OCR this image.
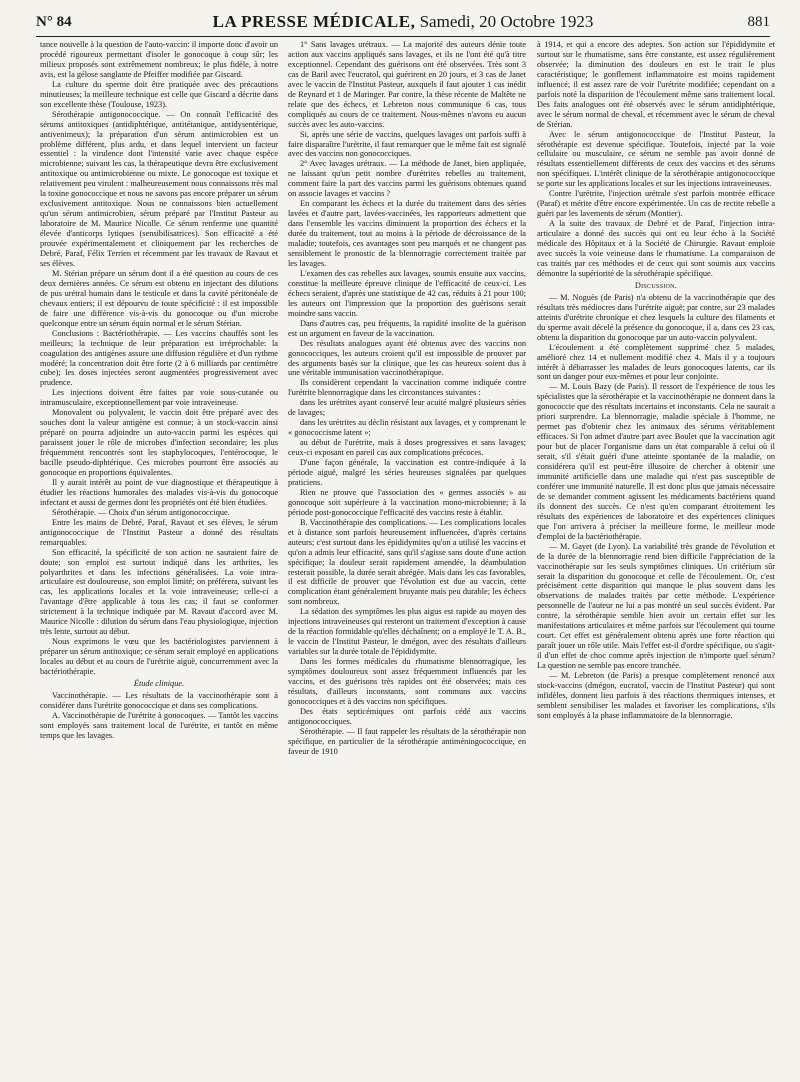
N° 84	LA PRESSE MÉDICALE, Samedi, 20 Octobre 1923	881

tance nouvelle à la question de l'auto-vaccin: il importe donc d'avoir un procédé rigoureux permettant d'isoler le gonocoque à coup sûr; les milieux proposés sont extrêmement nombreux; le plus fidèle, à notre avis, est la gélose sanglante de Pfeiffer modifiée par Giscard.

La culture du sperme doit être pratiquée avec des précautions minutieuses; la meilleure technique est celle que Giscard a décrite dans son excellente thèse (Toulouse, 1923).

Sérothérapie antigonococcique. — On connaît l'efficacité des sérums antitoxiques (antidiphtérique, antitétanique, antidysentérique, antivenimeux); la préparation d'un sérum antimicrobien est un problème différent, plus ardu, et dans lequel intervient un facteur essentiel : la virulence dont l'intensité varie avec chaque espèce microbienne; suivant les cas, la thérapeutique devra être exclusivement antitoxique ou antimicrobienne ou mixte. Le gonocoque est toxique et relativement peu virulent : malheureusement nous connaissons très mal la toxine gonococcique et nous ne savons pas encore préparer un sérum exclusivement antitoxique. Nous ne connaissons bien actuellement qu'un sérum antimicrobien, sérum préparé par l'Institut Pasteur au laboratoire de M. Maurice Nicolle. Ce sérum renferme une quantité élevée d'anticorps lytiques (sensibilisatrices). Son efficacité a été prouvée expérimentalement et cliniquement par les recherches de Debré, Paraf, Félix Terrien et récemment par les travaux de Ravaut et ses élèves.

M. Stérian prépare un sérum dont il a été question au cours de ces deux dernières années. Ce sérum est obtenu en injectant des dilutions de pus urétral humain dans le testicule et dans la cavité péritonéale de chevaux entiers; il est dépourvu de toute spécificité : il est impossible de faire une différence vis-à-vis du gonocoque ou d'un microbe quelconque entre un sérum équin normal et le sérum Stérian.

Conclusions : Bactériothérapie. — Les vaccins chauffés sont les meilleurs; la technique de leur préparation est irréprochable: la coagulation des antigènes assure une diffusion régulière et d'un rythme modéré; la concentration doit être forte (2 à 6 milliards par centimètre cube); les doses injectées seront augmentées progressivement avec prudence.

Les injections doivent être faites par voie sous-cutanée ou intramusculaire, exceptionnellement par voie intraveineuse.

Monovalent ou polyvalent, le vaccin doit être préparé avec des souches dont la valeur antigène est connue; à un stock-vaccin ainsi préparé on pourra adjoindre un auto-vaccin parmi les espèces qui paraissent jouer le rôle de microbes d'infection secondaire; les plus fréquemment rencontrés sont les staphylocoques, l'entérocoque, le bacille pseudo-diphtérique. Ces microbes pourront être associés au gonocoque en proportions équivalentes.

Il y aurait intérêt au point de vue diagnostique et thérapeutique à étudier les réactions humorales des malades vis-à-vis du gonocoque infectant et aussi de germes dont les propriétés ont été bien étudiées.

Sérothérapie. — Choix d'un sérum antigonococcique.

Entre les mains de Debré, Paraf, Ravaut et ses élèves, le sérum antigonococcique de l'Institut Pasteur a donné des résultats remarquables.

Son efficacité, la spécificité de son action ne sauraient faire de doute; son emploi est surtout indiqué dans les arthrites, les polyarthrites et dans les infections généralisées. La voie intra-articulaire est douloureuse, son emploi limité; on préférera, suivant les cas, les applications locales et la voie intraveineuse; celle-ci a l'avantage d'être applicable à tous les cas; il faut se conformer strictement à la technique indiquée par M. Ravaut d'accord avec M. Maurice Nicolle : dilution du sérum dans l'eau physiologique, injection très lente, surtout au début.

Nous exprimons le vœu que les bactériologistes parviennent à préparer un sérum antitoxique; ce sérum serait employé en applications locales au début et au cours de l'urétrite aiguë, concurremment avec la bactériothérapie.

Étude clinique.

Vaccinothérapie. — Les résultats de la vaccinothérapie sont à considérer dans l'urétrite gonococcique et dans ses complications.

A. Vaccinothérapie de l'urétrite à gonocoques. — Tantôt les vaccins sont employés sans traitement local de l'urétrite, et tantôt en même temps que les lavages.

1° Sans lavages urétraux. — La majorité des auteurs dénie toute action aux vaccins appliqués sans lavages, et ils ne l'ont été qu'à titre exceptionnel. Cependant des guérisons ont été observées. Très sont 3 cas de Baril avec l'eucratol, qui guérirent en 20 jours, et 3 cas de Janet avec le vaccin de l'Institut Pasteur, auxquels il faut ajouter 1 cas inédit de Reynard et 1 de Maringer. Par contre, la thèse récente de Maltête ne relate que des échecs, et Lebreton nous communique 6 cas, tous compliqués au cours de ce traitement. Nous-mêmes n'avons eu aucun succès avec les auto-vaccins.

Si, après une série de vaccins, quelques lavages ont parfois suffi à faire disparaître l'urétrite, il faut remarquer que le même fait est signalé avec des vaccins non gonococciques.

2° Avec lavages urétraux. — La méthode de Janet, bien appliquée, ne laissant qu'un petit nombre d'urétrites rebelles au traitement, comment faire la part des vaccins parmi les guérisons obtenues quand on associe lavages et vaccins ?

En comparant les échecs et la durée du traitement dans des séries lavées et d'autre part, lavées-vaccinées, les rapporteurs admettent que dans l'ensemble les vaccins diminuent la proportion des échecs et la durée du traitement, tout au moins à la période de décroissance de la maladie; toutefois, ces avantages sont peu marqués et ne changent pas sensiblement le pronostic de la blennorragie correctement traitée par les lavages.

L'examen des cas rebelles aux lavages, soumis ensuite aux vaccins, constitue la meilleure épreuve clinique de l'efficacité de ceux-ci. Les échecs seraient, d'après une statistique de 42 cas, réduits à 21 pour 100; les auteurs ont l'impression que la proportion des guérisons serait moindre sans vaccin.

Dans d'autres cas, peu fréquents, la rapidité insolite de la guérison est un argument en faveur de la vaccination.

Des résultats analogues ayant été obtenus avec des vaccins non gonococciques, les auteurs croient qu'il est impossible de prouver par des arguments basés sur la clinique, que les cas heureux soient dus à une véritable immunisation vaccinothérapique.

Ils considèrent cependant la vaccination comme indiquée contre l'urétrite blennorragique dans les circonstances suivantes :

dans les urétrites ayant conservé leur acuité malgré plusieurs séries de lavages;

dans les urétrites au déclin résistant aux lavages, et y comprenant le « gonococcisme latent »;

au début de l'urétrite, mais à doses progressives et sans lavages; ceux-ci exposant en pareil cas aux complications précoces.

D'une façon générale, la vaccination est contre-indiquée à la période aiguë, malgré les séries heureuses signalées par quelques praticiens.

Rien ne prouve que l'association des « germes associés » au gonocoque soit supérieure à la vaccination mono-microbienne; à la période post-gonococcique l'efficacité des vaccins reste à établir.

B. Vaccinothérapie des complications. — Les complications locales et à distance sont parfois heureusement influencées, d'après certains auteurs; c'est surtout dans les épididymites qu'on a utilisé les vaccins et qu'on a admis leur efficacité, sans qu'il s'agisse sans doute d'une action spécifique; la douleur serait rapidement amendée, la déambulation resterait possible, la durée serait abrégée. Mais dans les cas favorables, il est difficile de prouver que l'évolution est due au vaccin, cette complication étant généralement bruyante mais peu durable; les échecs sont nombreux.

La sédation des symptômes les plus aigus est rapide au moyen des injections intraveineuses qui resteront un traitement d'exception à cause de la réaction formidable qu'elles déchaînent; on a employé le T. A. B., le vaccin de l'Institut Pasteur, le dmégon, avec des résultats d'ailleurs variables sur la durée totale de l'épididymite.

Dans les formes médicales du rhumatisme blennorragique, les symptômes douloureux sont assez fréquemment influencés par les vaccins, et des guérisons très rapides ont été observées; mais ces résultats, d'ailleurs inconstants, sont communs aux vaccins gonococciques et à des vaccins non spécifiques.

Des états septicémiques ont parfois cédé aux vaccins antigonococciques.

Sérothérapie. — Il faut rappeler les résultats de la sérothérapie non spécifique, en particulier de la sérothérapie antiméningococcique, en faveur de 1910

à 1914, et qui a encore des adeptes. Son action sur l'épididymite et surtout sur le rhumatisme, sans être constante, est assez régulièrement observée; la diminution des douleurs en est le trait le plus caractéristique; le gonflement inflammatoire est moins rapidement influencé; il est assez rare de voir l'urétrite modifiée; cependant on a parfois noté la disparition de l'écoulement même sans traitement local. Des faits analogues ont été observés avec le sérum antidiphtérique, avec le sérum normal de cheval, et récemment avec le sérum de cheval de Stérian.

Avec le sérum antigonococcique de l'Institut Pasteur, la sérothérapie est devenue spécifique. Toutefois, injecté par la voie cellulaire ou musculaire, ce sérum ne semble pas avoir donné de résultats essentiellement différents de ceux des vaccins et des sérums non spécifiques. L'intérêt clinique de la sérothérapie antigonococcique se porte sur les applications locales et sur les injections intraveineuses.

Contre l'urétrite, l'injection urétrale s'est parfois montrée efficace (Paraf) et mérite d'être encore expérimentée. Un cas de rectite rebelle a guéri par les lavements de sérum (Montier).

A la suite des travaux de Debré et de Paraf, l'injection intra-articulaire a donné des succès qui ont eu leur écho à la Société médicale des Hôpitaux et à la Société de Chirurgie. Ravaut emploie avec succès la voie veineuse dans le rhumatisme. La comparaison de cas traités par ces méthodes et de ceux qui sont soumis aux vaccins démontre la supériorité de la sérothérapie spécifique.

Discussion.

— M. Noguès (de Paris) n'a obtenu de la vaccinothérapie que des résultats très médiocres dans l'urétrite aiguë; par contre, sur 23 malades atteints d'urétrite chronique et chez lesquels la culture des filaments et du sperme avait décelé la présence du gonocoque, il a, dans ces 23 cas, obtenu la disparition du gonocoque par un auto-vaccin polyvalent.

L'écoulement a été complètement supprimé chez 5 malades, amélioré chez 14 et nullement modifié chez 4. Mais il y a toujours intérêt à débarrasser les malades de leurs gonocoques latents, car ils sont un danger pour eux-mêmes et pour leur conjointe.

— M. Louis Bazy (de Paris). Il ressort de l'expérience de tous les spécialistes que la sérothérapie et la vaccinothérapie ne donnent dans la gonococcie que des résultats incertains et inconstants. Cela ne saurait a priori surprendre. La blennorragie, maladie spéciale à l'homme, ne permet pas d'obtenir chez les animaux des sérums véritablement efficaces. Si l'on admet d'autre part avec Boulet que la vaccination agit pour but de placer l'organisme dans un état comparable à celui où il serait, s'il s'était guéri d'une atteinte spontanée de la maladie, on considérera qu'il est peut-être illusoire de chercher à obtenir une immunité artificielle dans une maladie qui n'est pas susceptible de conférer une immunité naturelle. Il est donc plus que jamais nécessaire de se demander comment agissent les médicaments bactériens quand ils donnent des succès. Ce n'est qu'en comparant étroitement les résultats des expériences de laboratoire et des expériences cliniques que l'on arrivera à préciser la meilleure forme, le meilleur mode d'emploi de la bactériothérapie.

— M. Gayet (de Lyon). La variabilité très grande de l'évolution et de la durée de la blennorragie rend bien difficile l'appréciation de la vaccinothérapie sur les seuls symptômes cliniques. Un critérium sûr serait la disparition du gonocoque et celle de l'écoulement. Or, c'est précisément cette disparition qui manque le plus souvent dans les observations de malades traités par cette méthode. L'expérience personnelle de l'auteur ne lui a pas montré un seul succès évident. Par contre, la sérothérapie semble bien avoir un certain effet sur les manifestations articulaires et même parfois sur l'écoulement qui tourne court. Cet effet est généralement obtenu après une forte réaction qui paraît jouer un rôle utile. Mais l'effet est-il d'ordre spécifique, ou s'agit-il d'un effet de choc comme après injection de n'importe quel sérum? La question ne semble pas encore tranchée.

— M. Lebreton (de Paris) a presque complètement renoncé aux stock-vaccins (dmégon, eucratol, vaccin de l'Institut Pasteur) qui sont infidèles, donnent lieu parfois à des réactions thermiques intenses, et semblent sensibiliser les malades et favoriser les complications, s'ils sont employés à la phase inflammatoire de la blennorragie.
